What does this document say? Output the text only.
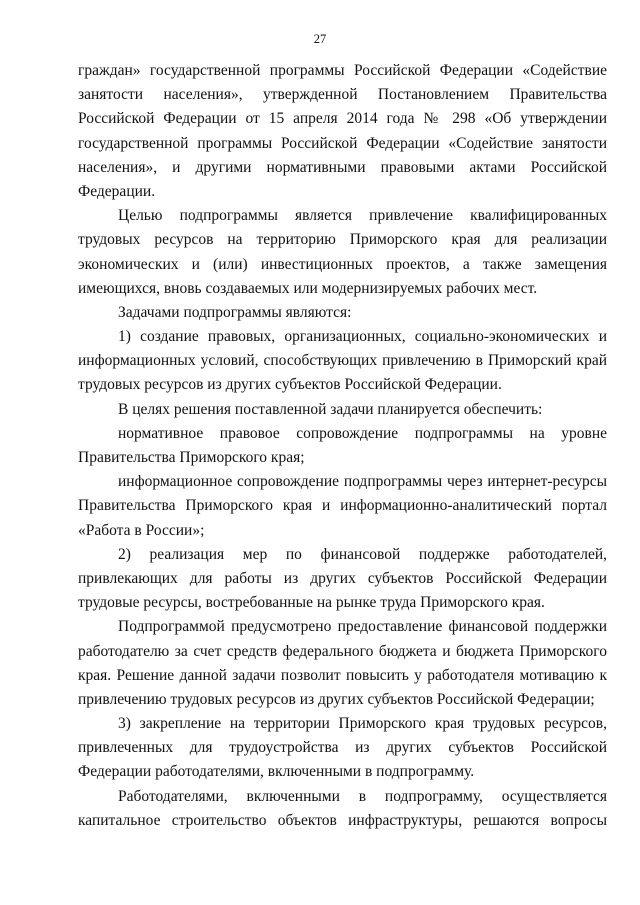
27
граждан» государственной программы Российской Федерации «Содействие
занятости населения», утвержденной Постановлением Правительства
Российской Федерации от 15 апреля 2014 года № 298 «Об утверждении
государственной программы Российской Федерации «Содействие занятости
населения», и другими нормативными правовыми актами Российской
Федерации.
Целью подпрограммы является привлечение квалифицированных
трудовых ресурсов на территорию Приморского края для реализации
экономических и (или) инвестиционных проектов, а также замещения
имеющихся, вновь создаваемых или модернизируемых рабочих мест.
Задачами подпрограммы являются:
1) создание правовых, организационных, социально-экономических и
информационных условий, способствующих привлечению в Приморский край
трудовых ресурсов из других субъектов Российской Федерации.
В целях решения поставленной задачи планируется обеспечить:
нормативное правовое сопровождение подпрограммы на уровне
Правительства Приморского края;
информационное сопровождение подпрограммы через интернет-ресурсы
Правительства Приморского края и информационно-аналитический портал
«Работа в России»;
2) реализация мер по финансовой поддержке работодателей,
привлекающих для работы из других субъектов Российской Федерации
трудовые ресурсы, востребованные на рынке труда Приморского края.
Подпрограммой предусмотрено предоставление финансовой поддержки
работодателю за счет средств федерального бюджета и бюджета Приморского
края. Решение данной задачи позволит повысить у работодателя мотивацию к
привлечению трудовых ресурсов из других субъектов Российской Федерации;
3) закрепление на территории Приморского края трудовых ресурсов,
привлеченных для трудоустройства из других субъектов Российской
Федерации работодателями, включенными в подпрограмму.
Работодателями, включенными в подпрограмму, осуществляется
капитальное строительство объектов инфраструктуры, решаются вопросы
